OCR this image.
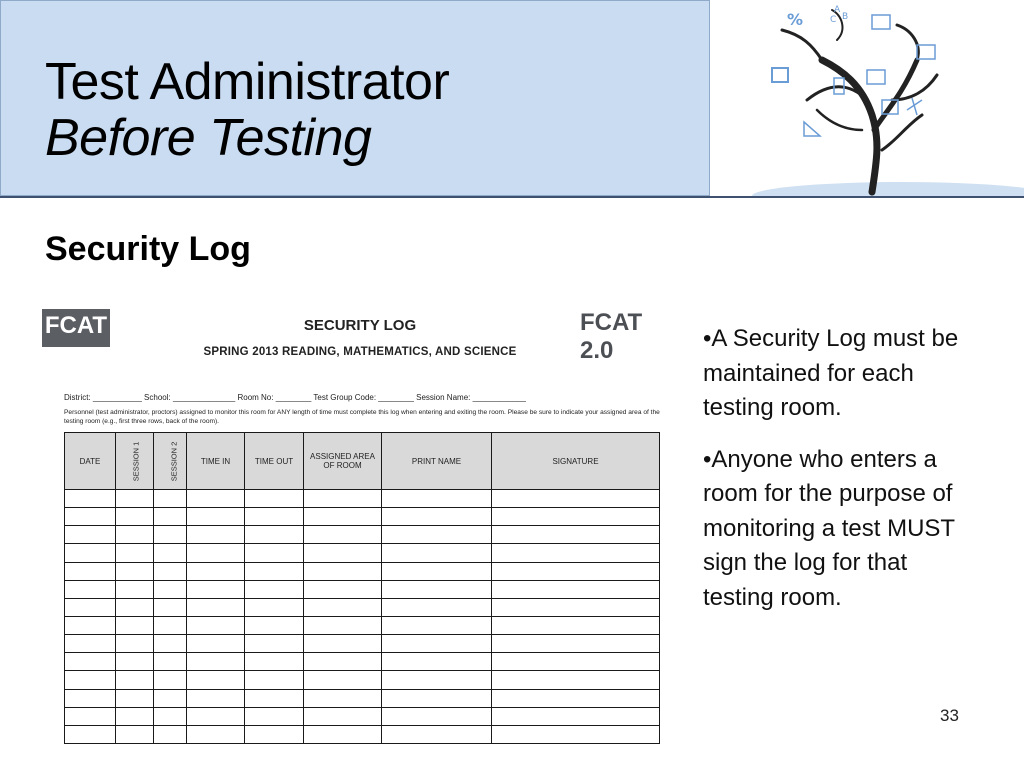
Test Administrator
Before Testing
%	A
C B
Security Log
FCAT	FCAT 2.0
SECURITY LOG
SPRING 2013 READING, MATHEMATICS, AND SCIENCE
District: ___________ School: ______________ Room No: ________ Test Group Code: ________ Session Name: ____________
Personnel (test administrator, proctors) assigned to monitor this room for ANY length of time must complete this log when entering and exiting the room. Please be sure to indicate your assigned area of the testing room (e.g., first three rows, back of the room).
DATE	SESSION 1	SESSION 2	TIME IN	TIME OUT	ASSIGNED AREA OF ROOM	PRINT NAME	SIGNATURE

•A Security Log must be maintained for each testing room.

•Anyone who enters a room for the purpose of monitoring a test MUST sign the log for that testing room.

33
